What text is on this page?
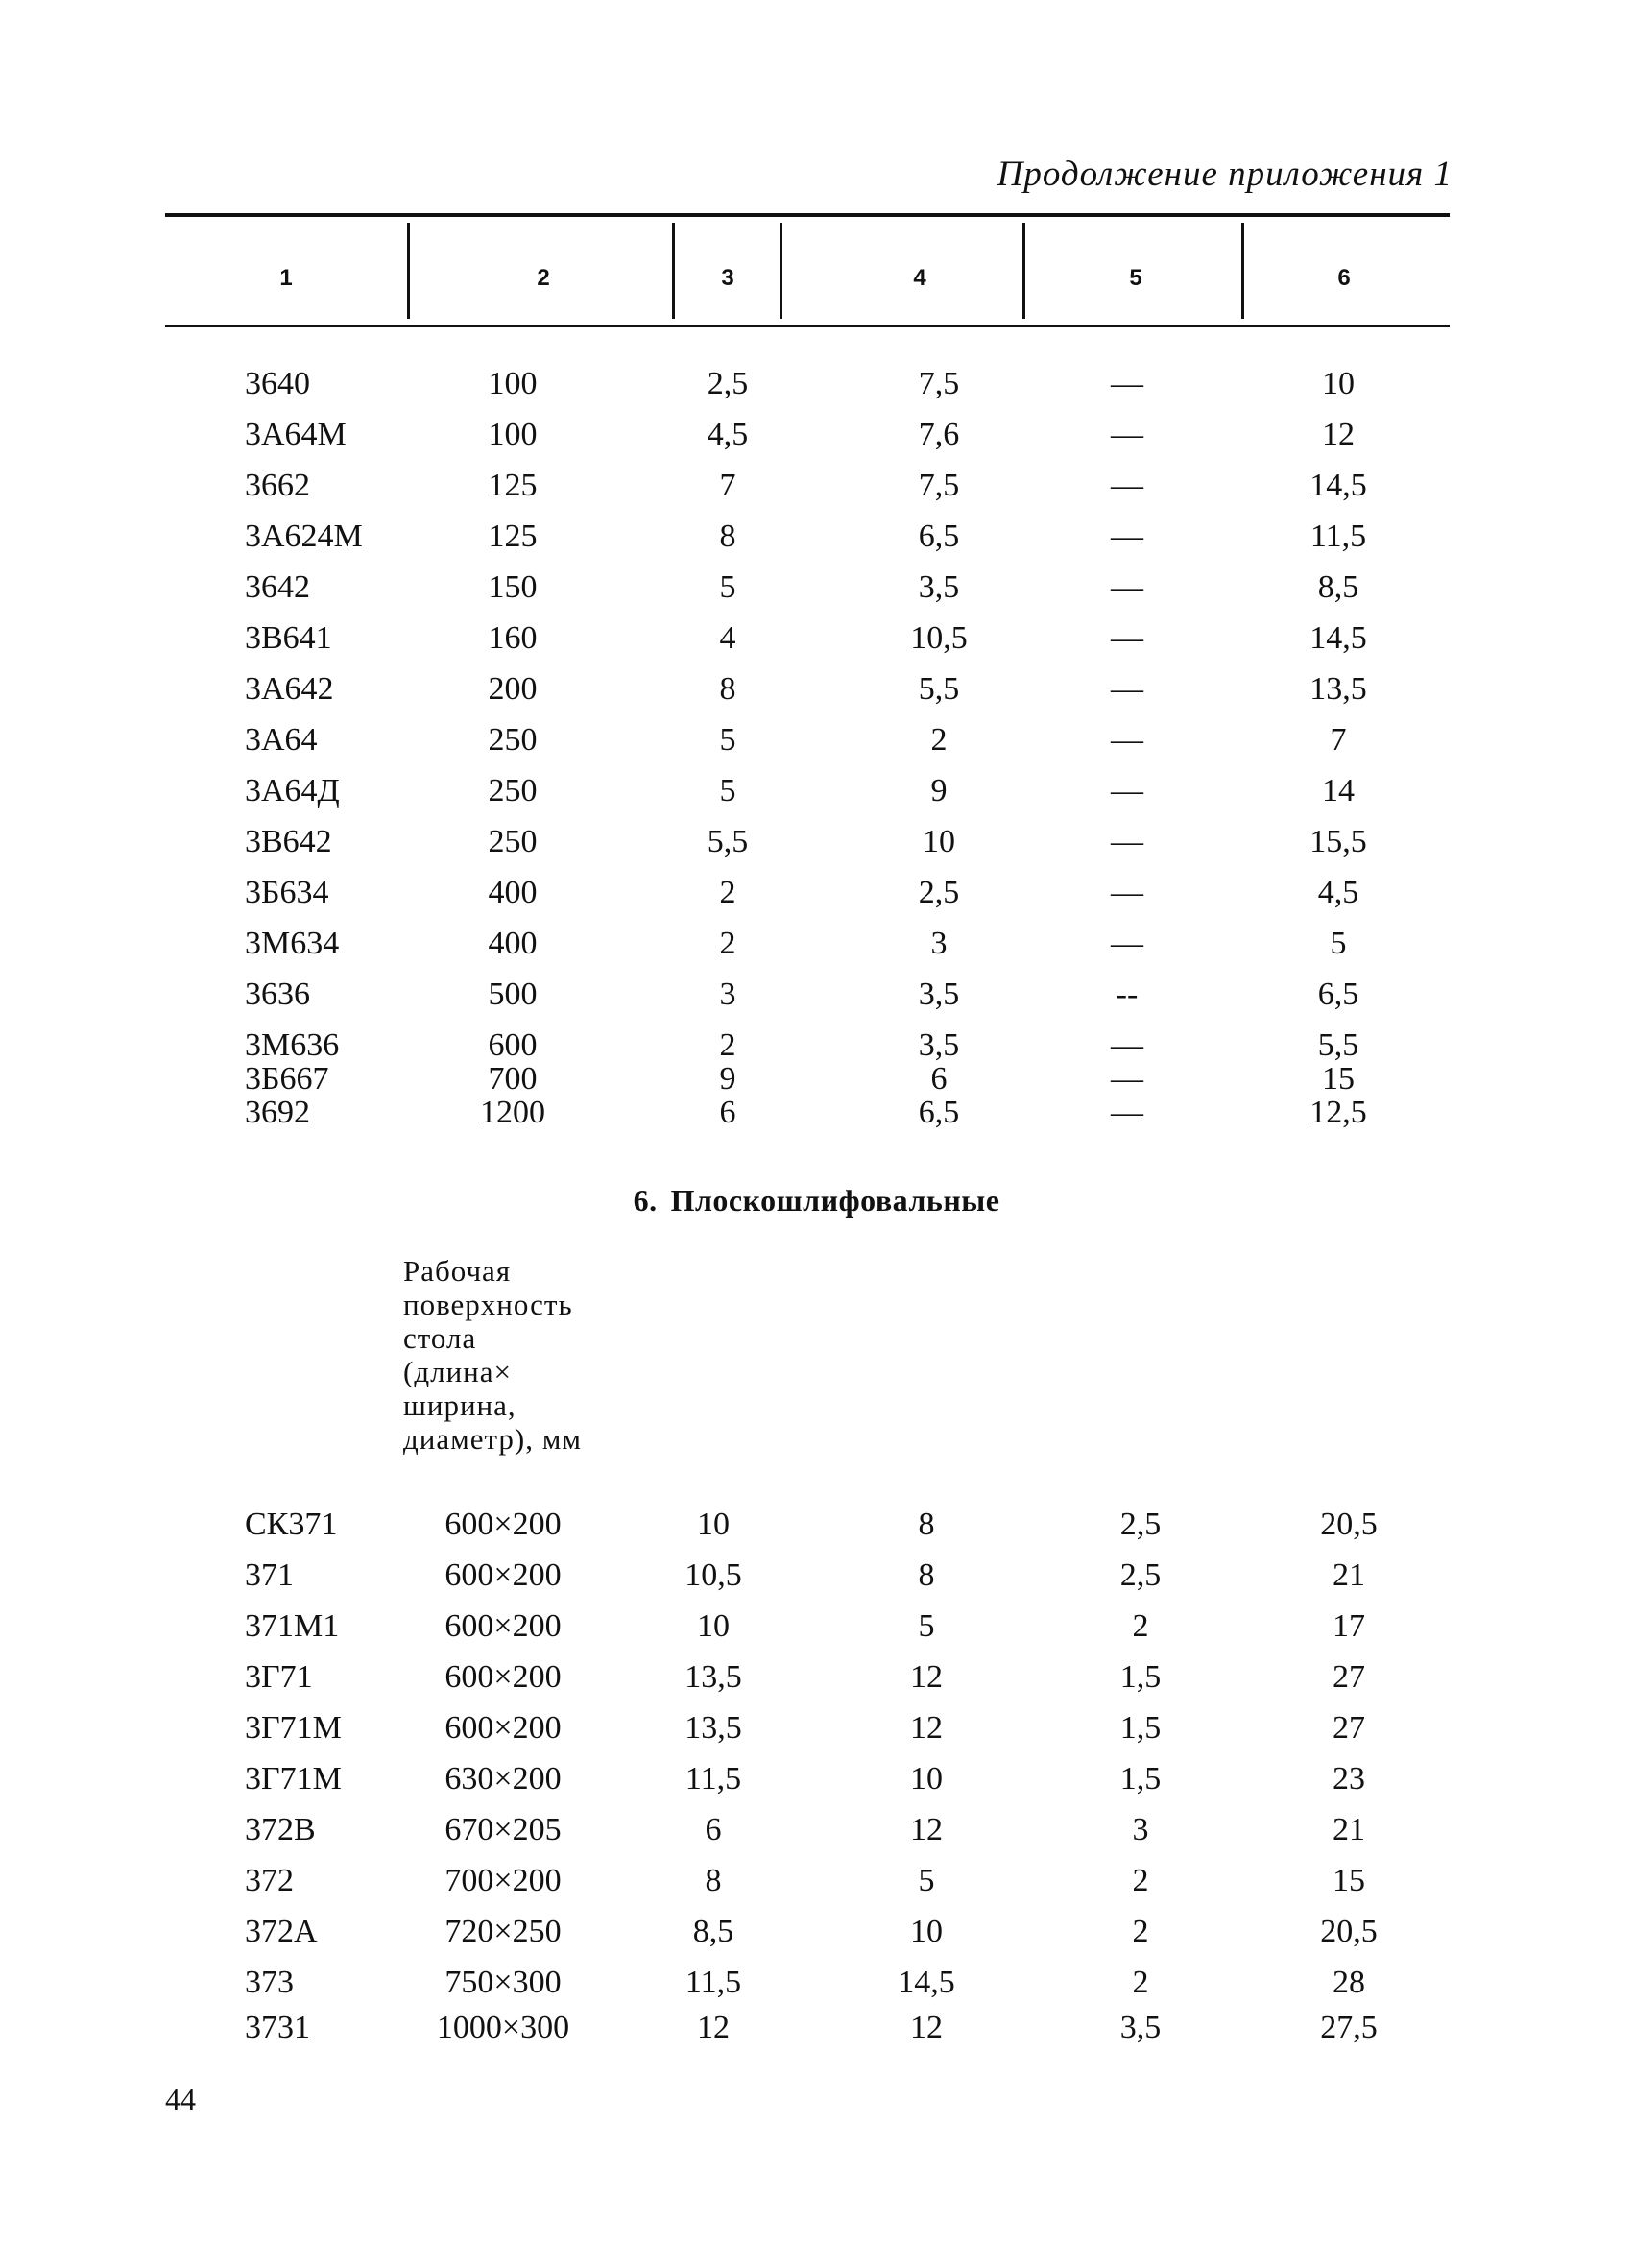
Продолжение приложения 1
1	2	3	4	5	6
3640	100	2,5	7,5	—	10
3А64М	100	4,5	7,6	—	12
3662	125	7	7,5	—	14,5
3А624М	125	8	6,5	—	11,5
3642	150	5	3,5	—	8,5
3В641	160	4	10,5	—	14,5
3А642	200	8	5,5	—	13,5
3А64	250	5	2	—	7
3А64Д	250	5	9	—	14
3В642	250	5,5	10	—	15,5
3Б634	400	2	2,5	—	4,5
3М634	400	2	3	—	5
3636	500	3	3,5	--	6,5
3М636	600	2	3,5	—	5,5
3Б667	700	9	6	—	15
3692	1200	6	6,5	—	12,5
6. Плоскошлифовальные
Рабочая
поверхность
стола
(длина×
ширина,
диаметр), мм
СК371	600×200	10	8	2,5	20,5
371	600×200	10,5	8	2,5	21
371М1	600×200	10	5	2	17
3Г71	600×200	13,5	12	1,5	27
3Г71М	600×200	13,5	12	1,5	27
3Г71М	630×200	11,5	10	1,5	23
372В	670×205	6	12	3	21
372	700×200	8	5	2	15
372А	720×250	8,5	10	2	20,5
373	750×300	11,5	14,5	2	28
3731	1000×300	12	12	3,5	27,5
44
